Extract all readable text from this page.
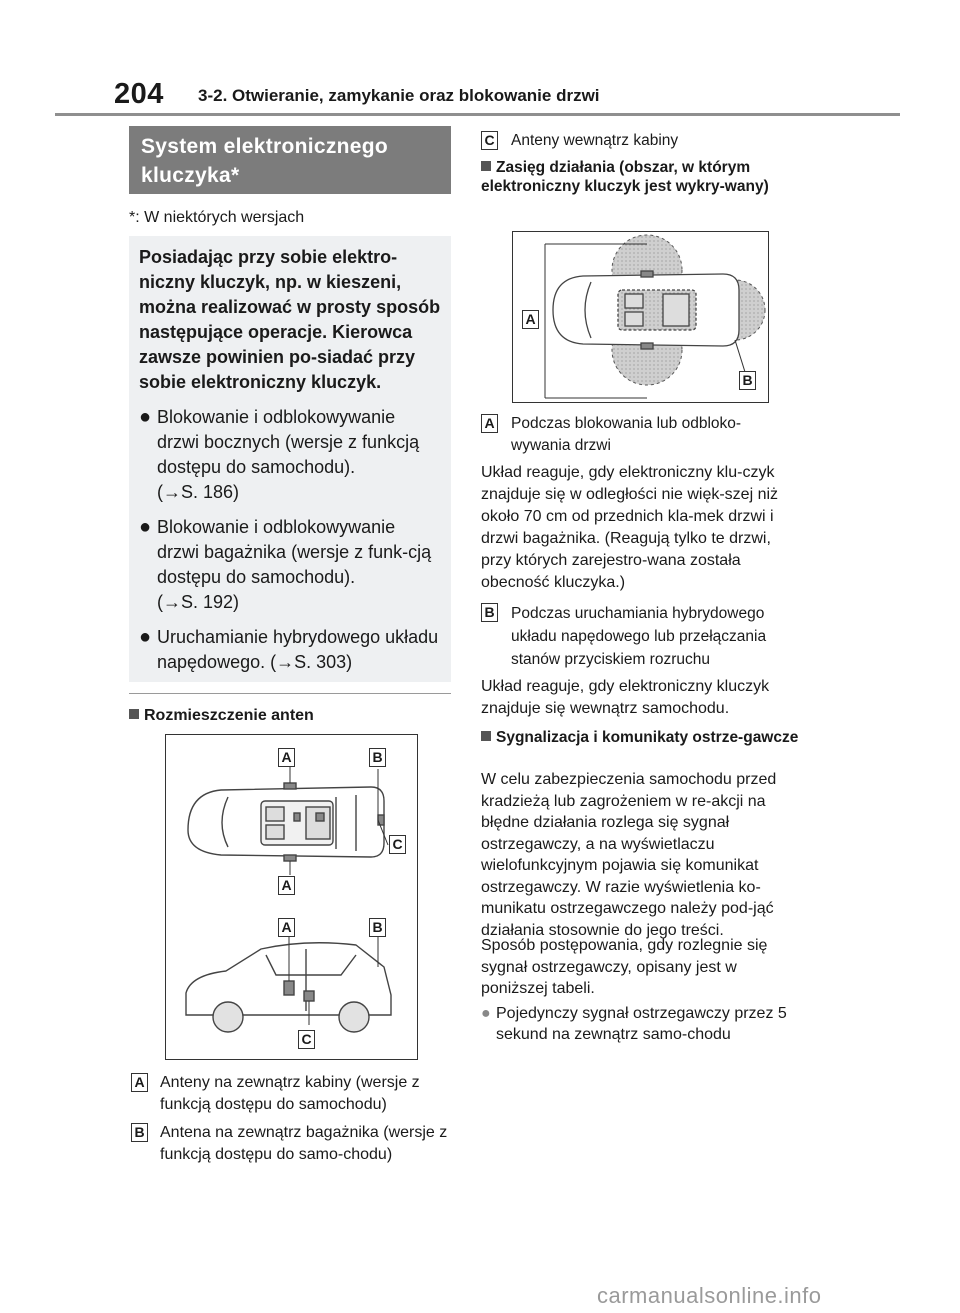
204 3-2. Otwieranie, zamykanie oraz blokowanie drzwi
System elektronicznego
kluczyka*
*: W niektórych wersjach
Posiadając przy sobie elektro-niczny kluczyk, np. w kieszeni, można realizować w prosty sposób następujące operacje. Kierowca zawsze powinien po-siadać przy sobie elektroniczny kluczyk.
● Blokowanie i odblokowywanie drzwi bocznych (wersje z funkcją dostępu do samochodu).
(→S. 186)
● Blokowanie i odblokowywanie drzwi bagażnika (wersje z funk-cją dostępu do samochodu).
(→S. 192)
● Uruchamianie hybrydowego układu napędowego. (→S. 303)
Rozmieszczenie anten
A	B
C
A
A	B
C
A Anteny na zewnątrz kabiny (wersje z funkcją dostępu do samochodu)
B Antena na zewnątrz bagażnika (wersje z funkcją dostępu do samo-chodu)
C Anteny wewnątrz kabiny
Zasięg działania (obszar, w którym elektroniczny kluczyk jest wykry-wany)
A
B
A Podczas blokowania lub odbloko-wywania drzwi
Układ reaguje, gdy elektroniczny klu-czyk znajduje się w odległości nie więk-szej niż około 70 cm od przednich kla-mek drzwi i drzwi bagażnika. (Reagują tylko te drzwi, przy których zarejestro-wana została obecność kluczyka.)
B Podczas uruchamiania hybrydowego układu napędowego lub przełączania stanów przyciskiem rozruchu
Układ reaguje, gdy elektroniczny kluczyk znajduje się wewnątrz samochodu.
Sygnalizacja i komunikaty ostrze-gawcze
W celu zabezpieczenia samochodu przed kradzieżą lub zagrożeniem w re-akcji na błędne działania rozlega się sygnał ostrzegawczy, a na wyświetlaczu wielofunkcyjnym pojawia się komunikat ostrzegawczy. W razie wyświetlenia ko-munikatu ostrzegawczego należy pod-jąć działania stosownie do jego treści.
Sposób postępowania, gdy rozlegnie się sygnał ostrzegawczy, opisany jest w poniższej tabeli.
● Pojedynczy sygnał ostrzegawczy przez 5 sekund na zewnątrz samo-chodu
carmanualsonline.info
